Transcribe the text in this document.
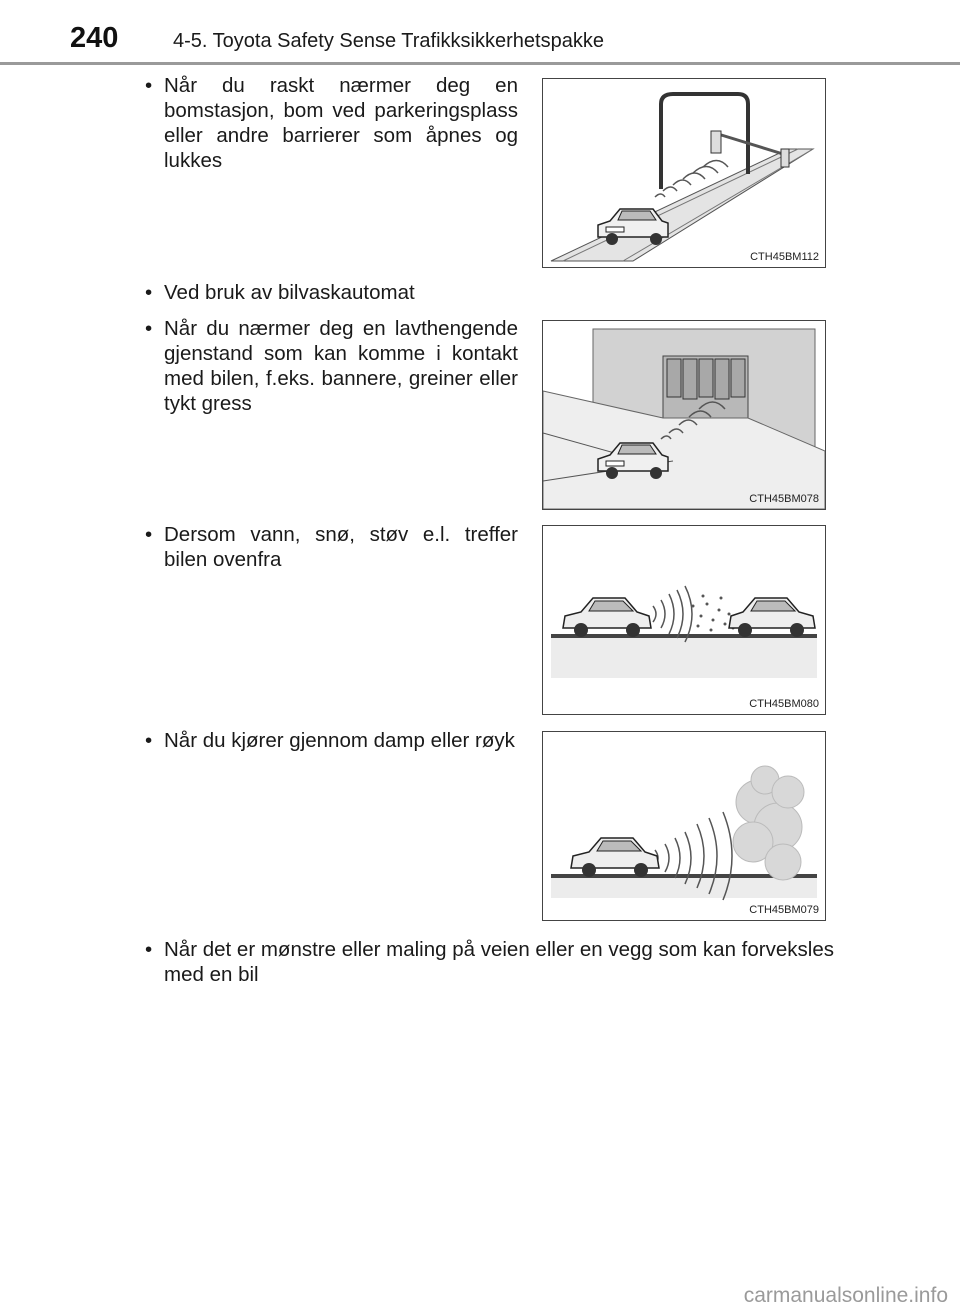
240	4-5. Toyota Safety Sense Trafikksikkerhetspakke
• Når du raskt nærmer deg en bomstasjon, bom ved parkeringsplass eller andre barrierer som åpnes og lukkes
• Ved bruk av bilvaskautomat
• Når du nærmer deg en lavthengende gjenstand som kan komme i kontakt med bilen, f.eks. bannere, greiner eller tykt gress
• Dersom vann, snø, støv e.l. treffer bilen ovenfra
• Når du kjører gjennom damp eller røyk
• Når det er mønstre eller maling på veien eller en vegg som kan forveksles med en bil
CTH45BM112
CTH45BM078
CTH45BM080
CTH45BM079
carmanualsonline.info
